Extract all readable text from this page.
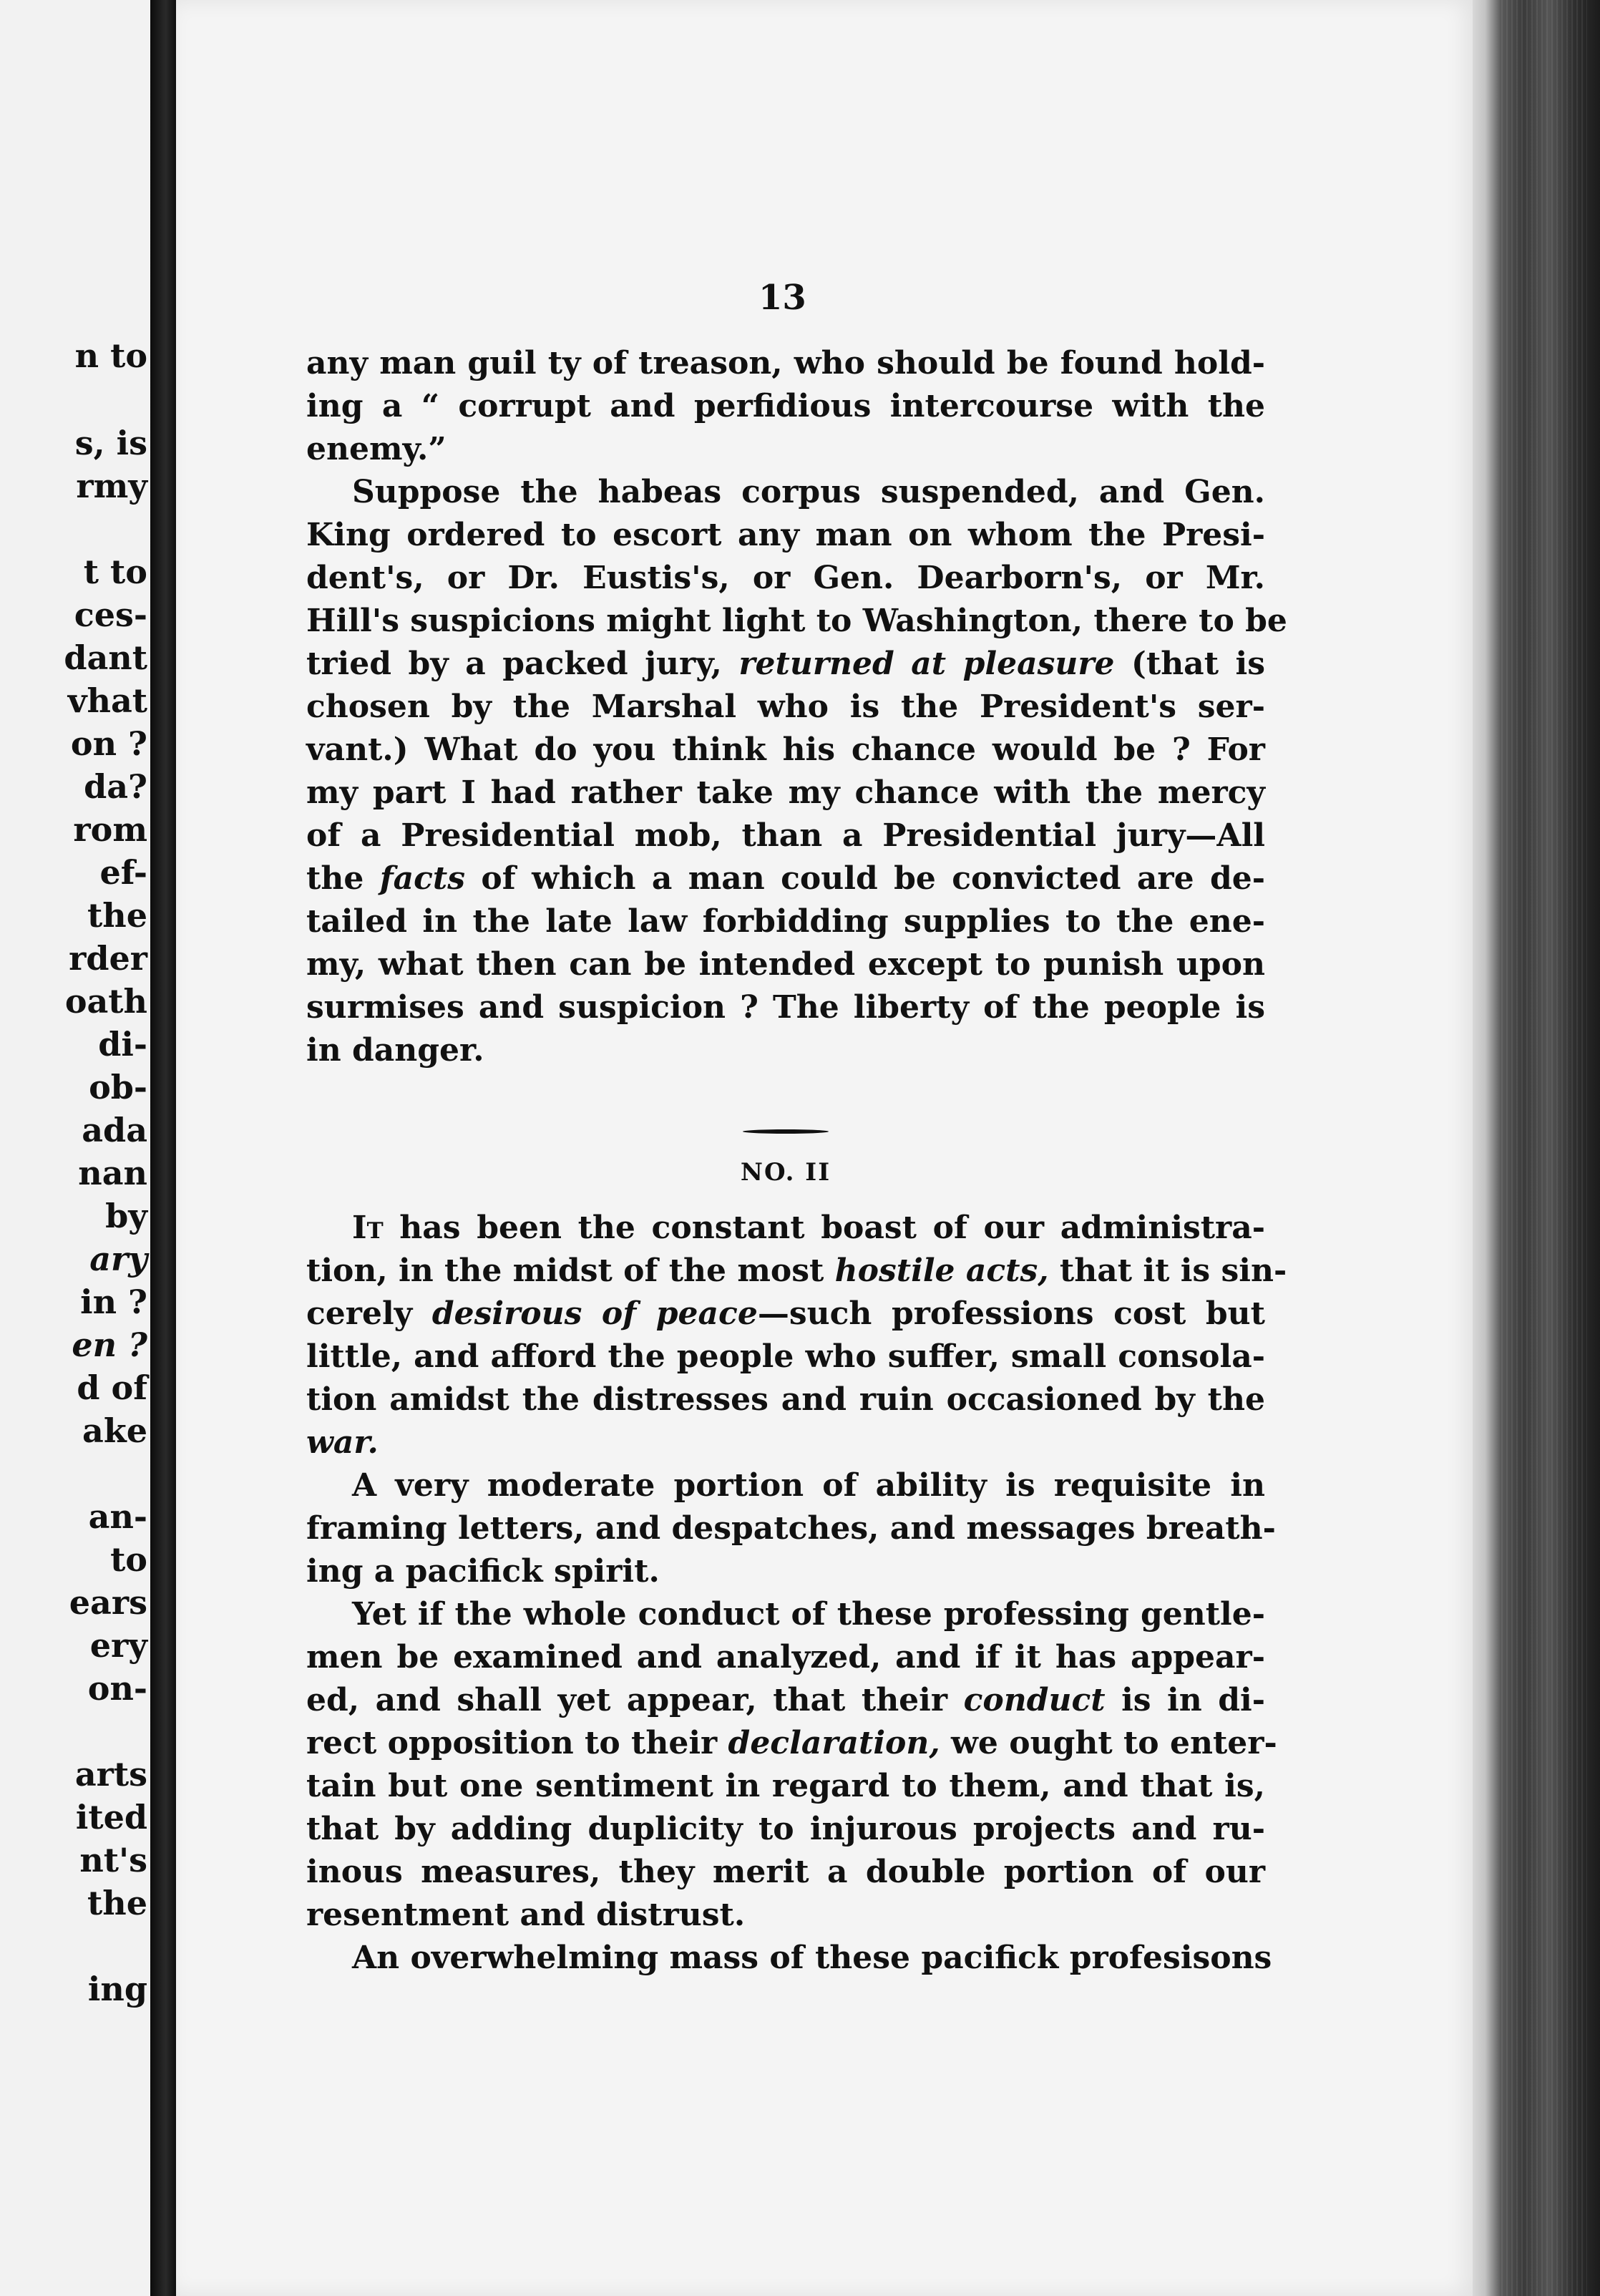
n to
s, is
rmy
t to
ces-
dant
vhat
on ?
da?
rom
ef-
the
rder
oath
di-
ob-
ada
nan
by
ary
in ?
en ?
d of
ake
an-
to
ears
ery
on-
arts
ited
nt's
the
ing
13
any man guil ty of treason, who should be found hold-
ing a “ corrupt and perfidious intercourse with the
enemy.”
Suppose the habeas corpus suspended, and Gen.
King ordered to escort any man on whom the Presi-
dent's, or Dr. Eustis's, or Gen. Dearborn's, or Mr.
Hill's suspicions might light to Washington, there to be
tried by a packed jury, returned at pleasure (that is
chosen by the Marshal who is the President's ser-
vant.) What do you think his chance would be ? For
my part I had rather take my chance with the mercy
of a Presidential mob, than a Presidential jury—All
the facts of which a man could be convicted are de-
tailed in the late law forbidding supplies to the ene-
my, what then can be intended except to punish upon
surmises and suspicion ? The liberty of the people is
in danger.
NO. II
It has been the constant boast of our administra-
tion, in the midst of the most hostile acts, that it is sin-
cerely desirous of peace—such professions cost but
little, and afford the people who suffer, small consola-
tion amidst the distresses and ruin occasioned by the
war.
A very moderate portion of ability is requisite in
framing letters, and despatches, and messages breath-
ing a pacifick spirit.
Yet if the whole conduct of these professing gentle-
men be examined and analyzed, and if it has appear-
ed, and shall yet appear, that their conduct is in di-
rect opposition to their declaration, we ought to enter-
tain but one sentiment in regard to them, and that is,
that by adding duplicity to injurous projects and ru-
inous measures, they merit a double portion of our
resentment and distrust.
An overwhelming mass of these pacifick profesisons
